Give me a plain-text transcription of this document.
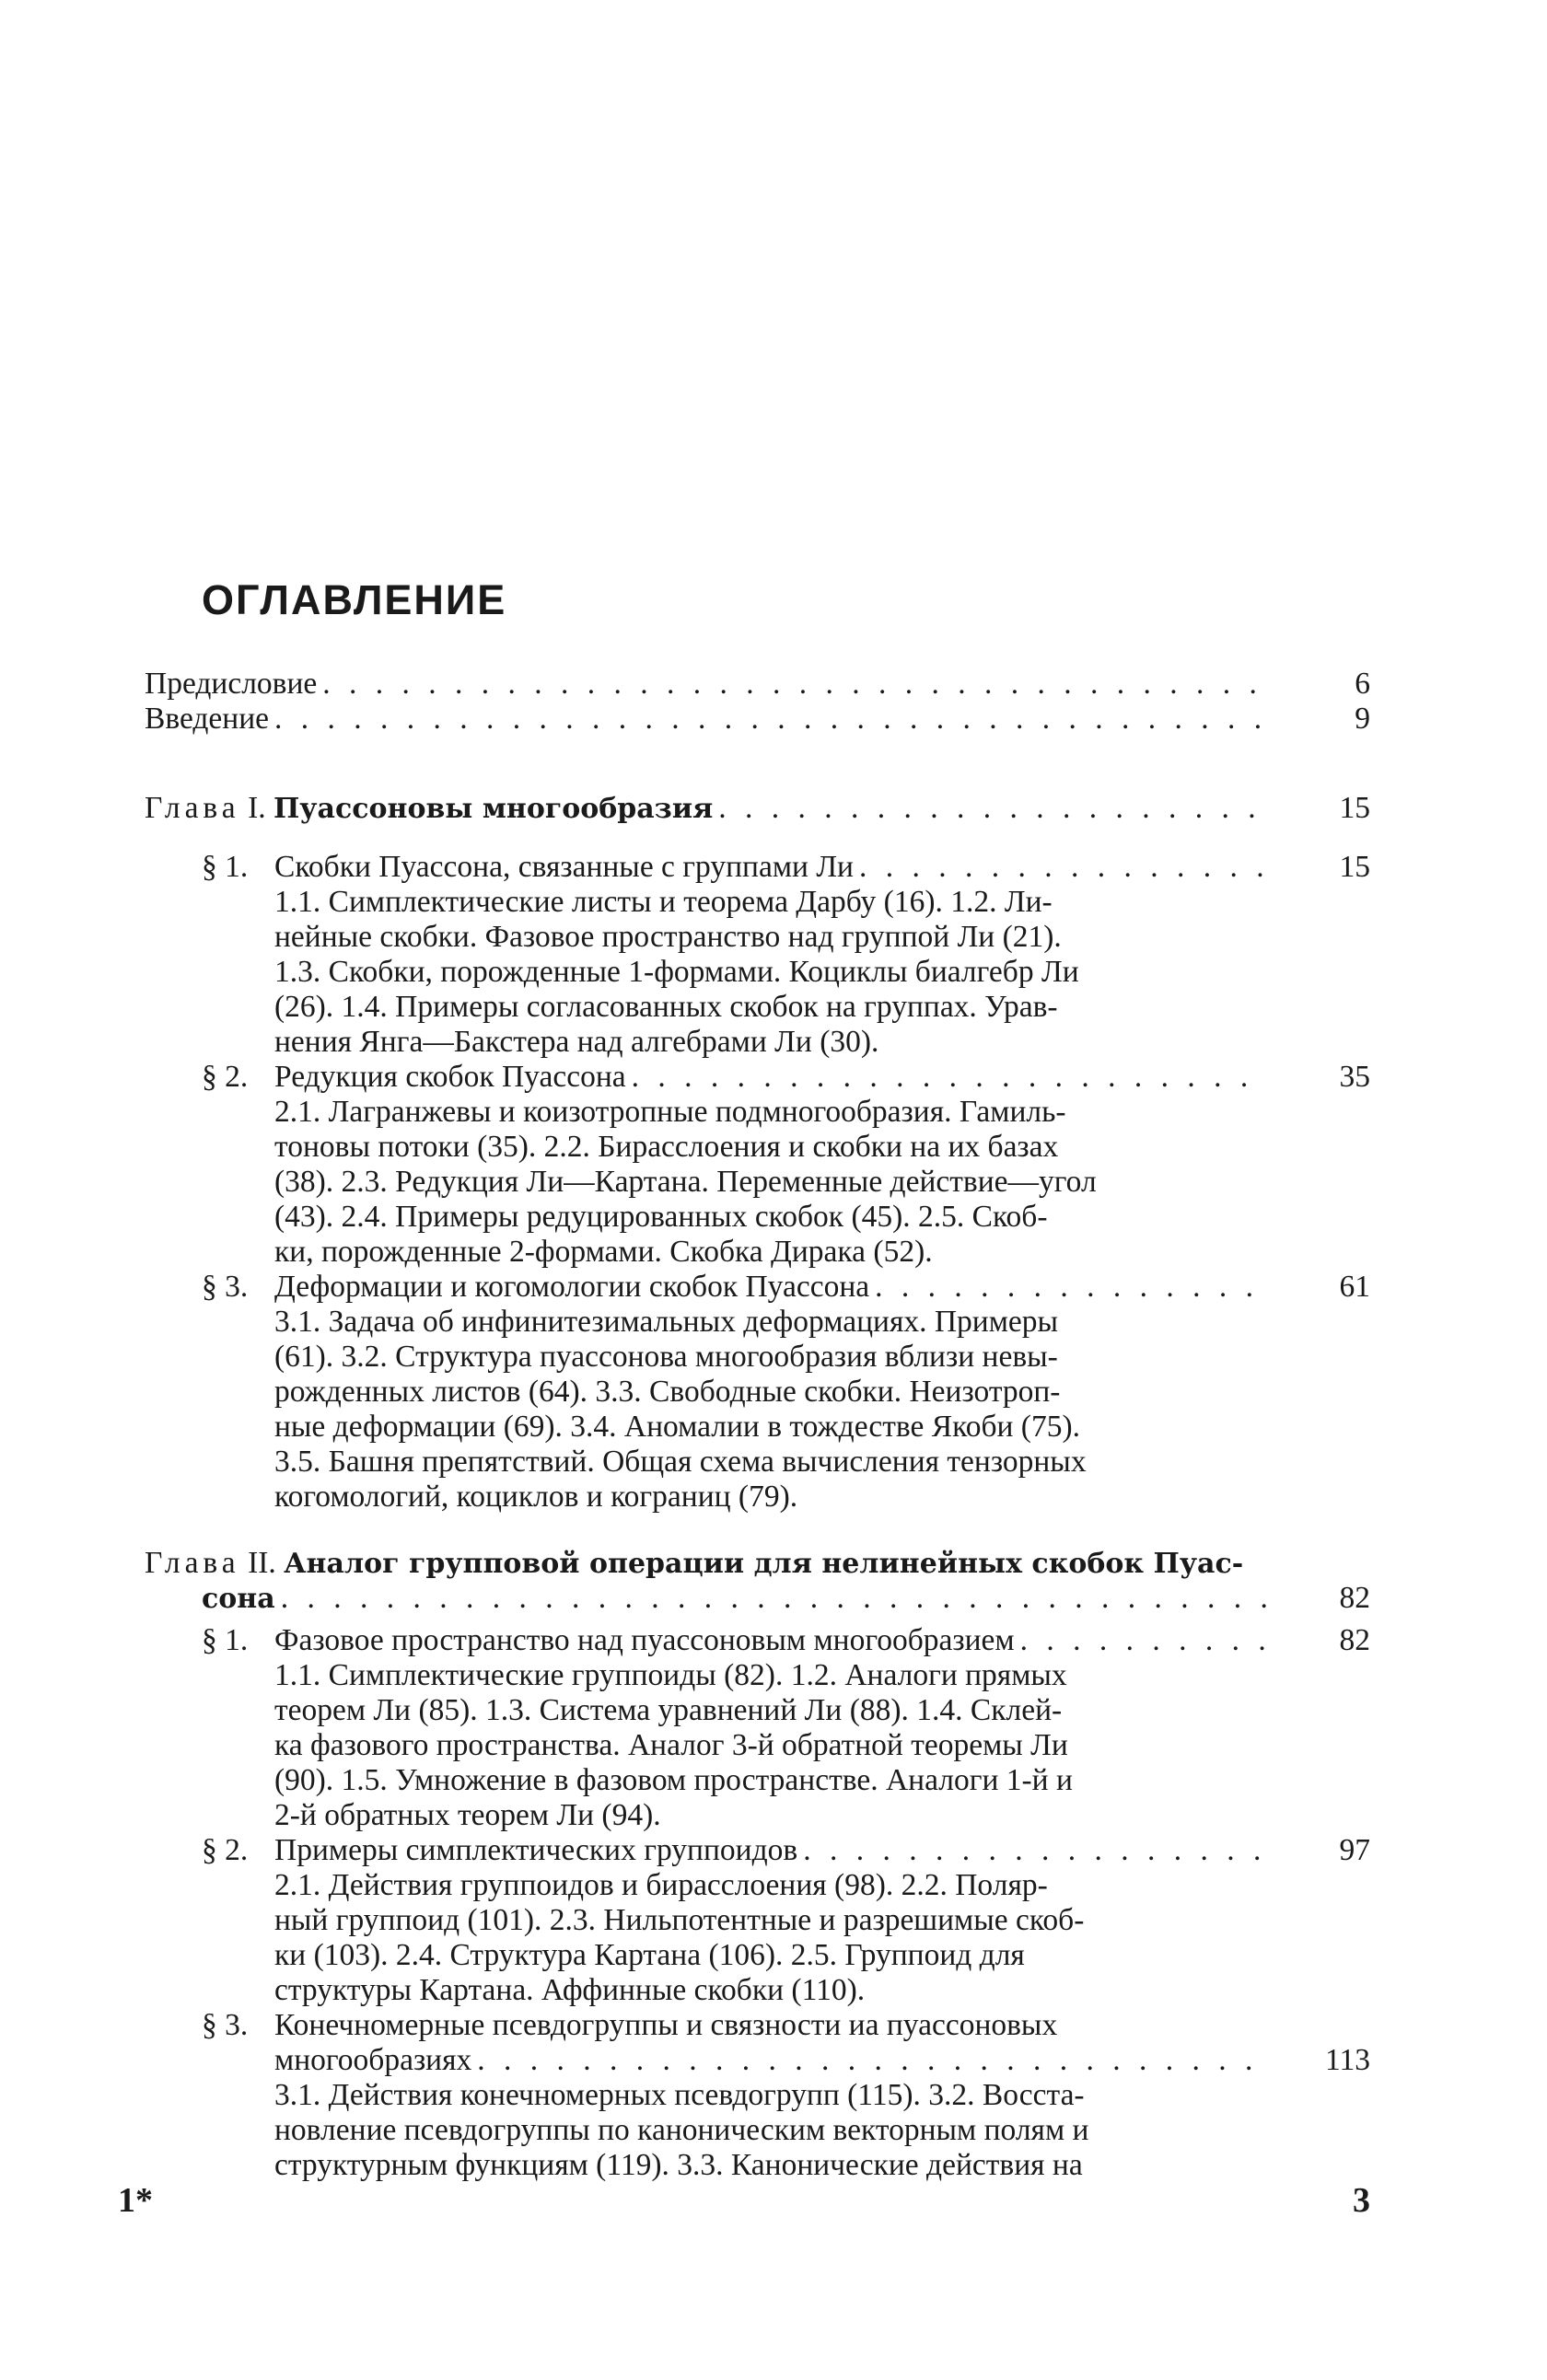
ОГЛАВЛЕНИЕ
Предисловие . . .	6
Введение . . .	9
Глава
I.
Пуассоновы многообразия . . .	15
§ 1. Скобки Пуассона, связанные с группами Ли . . .	15
1.1. Симплектические листы и теорема Дарбу (16). 1.2. Ли-
нейные скобки. Фазовое пространство над группой Ли (21).
1.3. Скобки, порожденные 1-формами. Коциклы биалгебр Ли
(26). 1.4. Примеры согласованных скобок на группах. Урав-
нения Янга—Бакстера над алгебрами Ли (30).
§ 2. Редукция скобок Пуассона . . .	35
2.1. Лагранжевы и коизотропные подмногообразия. Гамиль-
тоновы потоки (35). 2.2. Бирасслоения и скобки на их базах
(38). 2.3. Редукция Ли—Картана. Переменные действие—угол
(43). 2.4. Примеры редуцированных скобок (45). 2.5. Скоб-
ки, порожденные 2-формами. Скобка Дирака (52).
§ 3. Деформации и когомологии скобок Пуассона . . .	61
3.1. Задача об инфинитезимальных деформациях. Примеры
(61). 3.2. Структура пуассонова многообразия вблизи невы-
рожденных листов (64). 3.3. Свободные скобки. Неизотроп-
ные деформации (69). 3.4. Аномалии в тождестве Якоби (75).
3.5. Башня препятствий. Общая схема вычисления тензорных
когомологий, коциклов и кограниц (79).
Глава II. Аналог групповой операции для нелинейных скобок Пуас-
сона . . .	82
§ 1. Фазовое пространство над пуассоновым многообразием . . .	82
1.1. Симплектические группоиды (82). 1.2. Аналоги прямых
теорем Ли (85). 1.3. Система уравнений Ли (88). 1.4. Склей-
ка фазового пространства. Аналог 3-й обратной теоремы Ли
(90). 1.5. Умножение в фазовом пространстве. Аналоги 1-й и
2-й обратных теорем Ли (94).
§ 2. Примеры симплектических группоидов . . .	97
2.1. Действия группоидов и бирасслоения (98). 2.2. Поляр-
ный группоид (101). 2.3. Нильпотентные и разрешимые скоб-
ки (103). 2.4. Структура Картана (106). 2.5. Группоид для
структуры Картана. Аффинные скобки (110).
§ 3. Конечномерные псевдогруппы и связности иа пуассоновых
многообразиях . . .	113
3.1. Действия конечномерных псевдогрупп (115). 3.2. Восста-
новление псевдогруппы по каноническим векторным полям и
структурным функциям (119). 3.3. Канонические действия на
1*	3
